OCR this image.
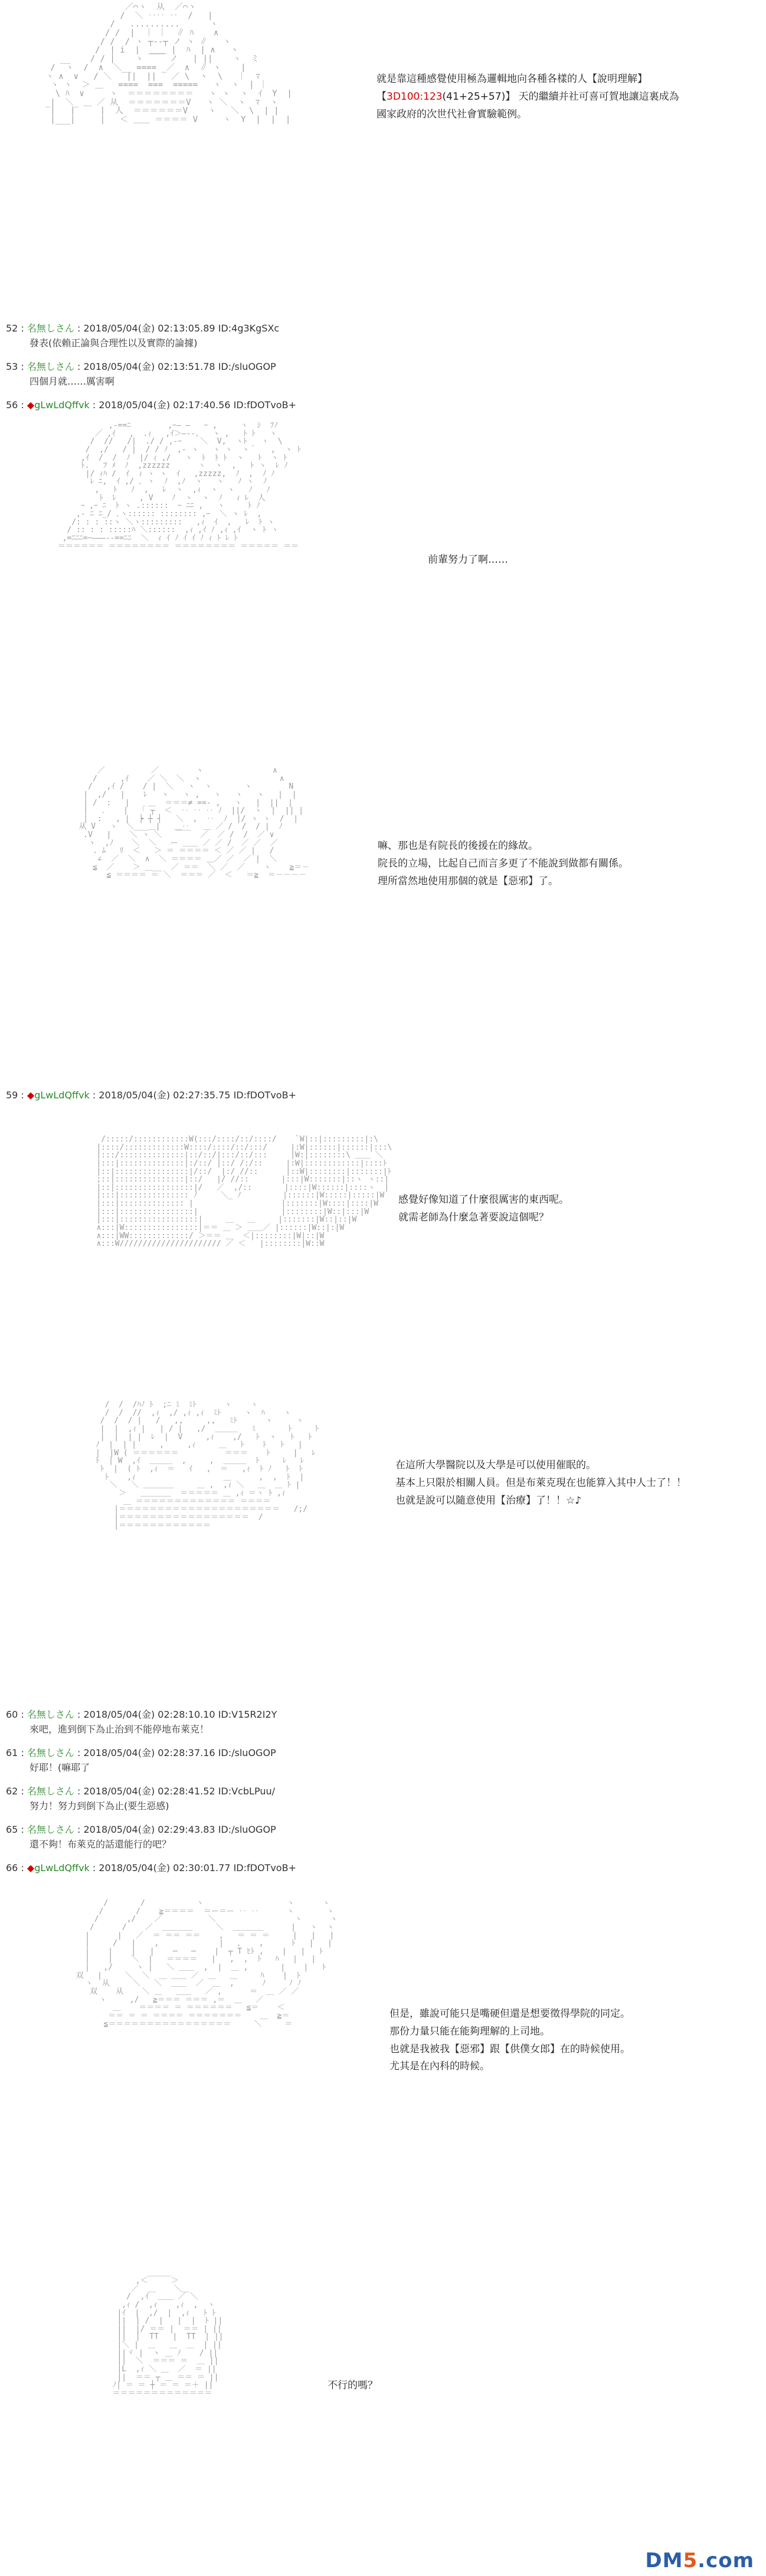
／⌒ヽ  从  ／⌒ヽ
/  ＼ ‥‥ ‥  /   |
/   ..........      ヽ
/ /  |  ｜ ｜  ∥ ﾊ    ∧
/ /  / ヽ ┬--┬ ノ ヽ ∥   ヽ
/  | i  |  ＿＿ |  ﾊ  | ∧   ヽ
__    / / |    ヽ ￣￣ ノ   | ||    ヽ  ミ
/  ヽ  /  ∧  ＼__ ==== _／  ∧  ∥ ヽ    |
ヽ ∧  ∨   / ＼   ||  ||   ／ \  ヽ  \   ｜  ﾏ
ヽ ヽ  ＞ ＿   ====  ===  =====   ヽ  ヽ  | ｜
\ ﾊ  ∨     ヽ  ＝＝＝＝＝＝＝＝   ヽ ヽ  ヽ  ｲ  Y  |
_|  ＼_ ＿ ／ 从  ＝＝＝＝＝＝＝V   ヽ ＼  ヽ  ﾏ  ヽ
|   |     |  人  ＝＝＝＝＝＝V    ヽ   ＼  \  | |
|___|     |   ＜ ＿＿ ＝＝＝＝ V     ヽ  Y  |  |  |

就是靠這種感覺使用極為邏輯地向各種各樣的人【說明理解】
【3D100:123(41+25+57)】 天的繼續并社可喜可賀地讓這裏成為
國家政府的次世代社會實驗範例。
52 : 名無しさん : 2018/05/04(金) 02:13:05.89 ID:4g3KgSXc
發表(依賴正論與合理性以及實際的論據)
53 : 名無しさん : 2018/05/04(金) 02:13:51.78 ID:/sluOGOP
四個月就……厲害啊
56 : ◆gLwLdQffvk : 2018/05/04(金) 02:17:40.56 ID:fDOTvoB+
,-==ﾆ        ,ｰ― ―   ｰ ,     ヽ  ｼ  ﾌﾉ
／ ,ｲ   ,  .ｨ   ,ｲ＞―‐‐、  ヽ ,   ﾄ ﾄ   ヽ
/  //   /|  ./ / ,-ｰ    ＼  V,  ヽﾄ   ヽ  \
/  ,/   / |  / / ﾉ  ,- ヽ   ヽ ヽ  ヽ｀   ,  ヽ ﾄ
,ｲ  /  /  ﾉ  |/ ｨ ,/   ヽ  ﾄ  ﾄ ﾄ  ヽ   ﾄ  ヽ ﾄ
ﾄ.   ﾌ ﾒ  ﾉ  ,zzzzzz      ヽ  ヽ  ,   ﾄ ヽ  ﾚ ﾉ
|/ ｨﾊ /  ｲ  ｨ ヽ ヽ  ｲ   ,zzzzz,  ﾉ  ,  ﾉ ﾉ
ﾚ ﾆ,  ｲ ,/ ､ ヽ  ﾉ  ,ﾉ  ヽ   ヽ   ﾉ ヽ  ﾉ
,   ﾄ   ﾉ  ,   ﾚ  ヽ  ,ｨ  ヽ  ヽ   ﾉ   ﾉ
ﾄ  ﾚ     , V    ﾉ  ヽ  ヽ  ﾉ   ｨ ﾚ  人
ｰ ,ｰ ﾆ  ﾄ ヽ .::::::  ｰ ﾆﾆ ,   ヽ     ﾄ ﾉ
,‐ ﾆ ﾆ_/ ､ヽ:::::: :::::::: ,ｰ  ＼ ヽ ﾚ  ,
/: : : ::ヽ ＼ヽ:::::::::   ,ｨ  ｲ  ,   ﾚ  ﾄ ヽ
/ :: : : :::::ﾊ ＼::::::  ,ｨ ,ｲ ﾉ ,ｨ ,ｲ  ヽ ﾄ ヽ
,=ﾆﾆﾆ=ｰ―――--==ﾆﾆ  ＼  ｨ ｲ ﾉ ｲ ｲ ﾉ ｨ ﾄ ﾚ ﾄ
＝＝＝＝＝＝ ＝＝＝＝＝＝＝＝ ＝＝＝＝＝＝＝＝ ＝＝＝＝＝ ＝＝

前輩努力了啊……
／          ／        ヽ               ∧
/     ,ｲ    ／ ＼  ＼  ヽ                 ∧
/   ,ｲ /    / |  ＼   ヽ  ヽ       ヽ        N
|  ,/   |    ﾚ   ヽ   ヽ ,   ヽ   ヽ   ヽ   |  |
| /  :   |    ＿  ＝＝＝≠ ==- ,   ヽ   |  ||  |
|   ．   |   ｢ ┬  ＜  ‥ ‥ ‥ ﾉ  ||/  ヽ  |  || |
|  :   , |  ┝ ┼ ┤   ＼  ,  ‥  ﾉ  |/ ヽ ヽ  /  |
从 V   ヽ  ＼___＿|   ＿‥   ＿ ／ /  /  / |  ﾉ
.V   |    ＼ ヽ ＼   ￣￣  ／  ／ /  /  ／ ∨
ヽ  ,ﾉ    ＼  ＼   ー ＿＿ ／ ／ /  ／ ／  ／
. ﾑ   ﾘ  ＜   ＞ ＝ ＝＝＝＝ ＜ ／ ／ |   /
∠  ／  ＼  ∧  ＼ ＝＝＝＝ ＿／ ／  ／ |  ＼
≦  ／    ＞ ＿__  ／ ＝＝  ＼ ／  ／    ヽ    ≧＝－
≦ ＝＝＝＝ ＝ ＼  ＝＝＝ ／  ＜   ＝≧  ＝－－－－

嘛、那也是有院長的後援在的緣故。
院長的立場，比起自己而言多更了不能說到做都有關係。
理所當然地使用那個的就是【惡邪】了。
59 : ◆gLwLdQffvk : 2018/05/04(金) 02:27:35.75 ID:fDOTvoB+
/:::::/::::::::::::W(:::/::::/::/::::/    `W|::|:::::::::|:\
|::::/:::::::::::::W::::/::::/::/:::/     |:W|::::::|::::::|:::\
|:::/::::::::::::::|::/::/|:::/::/:::     |W:|::::::::\ ＿＿ ＼
|:::|::::::::::::::|:/::/ |::/ /:/::     |:W|::::::::::::|::::ﾄ
|::|::::::::::::::::|/::/  |:/ //::      |::W|::::::::|:::::::|ﾄ
;::|:::::::::::::::|::/   |/ //::       |:::|W:::::::|::ヽ ヽ::|
|::|:::::::::::::::::|/   ／  ,/::       |::::|W::::::|::::ヽ  |
|:::|::::::::::::::: ﾉ     ＼_ ﾉ         |::::::|W:::::|:::::|W
|:::|:::::::::::::: |                   |:::::::|W::::|::::|W
|:::|::::::::::::::::|                  |::::::::|W::|:::|W
|:::|:::::::::::::::::|     ＿   ＿     |:::::::|W::|::|W
∧:::|W::::::::::::::::|＝＝ ＿ ＞ ＿＿／ |::::::|W::|:|W
∧:::|WW:::::::::::::/ ＞＝＝ ＿  ＜|::::::::|W|::|W
∧:::W////////////////////// ／ ＜   |::::::::|W::W

感覺好像知道了什麼很厲害的東西呢。
就需老師為什麼急著要說這個呢？
/  /  /ﾊﾉ ﾄ  ;ﾆ ﾐ  ﾐﾄ      ヽ    ヽ
/  /  //  ,ｨ  ,/ ,ｨ ,ｨ  ﾐﾄ     ヽ  ﾊ    ヽ
/  /  / |   /   ,,     ,,   ﾐﾄ      ヽ     ヽ
|  |  ,ｨ |   | / |   ,/  ＿＿＿   ﾐ       ﾄ     ﾄ
|  |  | |  ﾚ  |  V     ,ｨ    ,/   ﾄ  ヽ   ﾄ   ﾄ
ﾉ  |  | |     ,     ,ｨ     ＿   ﾄ    ﾄ   ﾄ   |
|  |W ( ＝＝＝＝＝＝          ＝＝＝    ﾄ     |   ﾚ
ﾄ  | W  ,ｲ  ＿＿＿  ,     ,  ＿＿＿  ﾄ     ﾚ   ﾚ
ﾄ  |  ( ﾄ  ,ｨ  ＝   ｲ   ,  ＝   ,ｨ  ﾄ ﾉ   ﾄ  ﾄ
ﾄ    ,ｨ                   ＿      ,  ,  ﾄ  |
＼   ＼ ＿＿＿＿     ＿ ,  ,ｨ ＼   ＿  ＿ ﾄ |
＞   ＿＿＿＿  ＝＝＝＝＝ ＿ ,ｨ ＝ヽ ﾄ ,ｨ
＿ ＝＝＝＝＝＝＝＝＝＝＝＝＝ ＝＝＝＝
|＝＝＝＝＝＝＝＝＝＝＝＝＝＝＝＝＝＝＝＝＝   /;/
|＝＝＝＝＝＝＝＝＝＝＝＝＝＝＝＝＝  /
|＝＝＝＝＝＝＝＝＝＝＝＝

在這所大學醫院以及大學是可以使用催眠的。
基本上只限於相關人員。但是布萊克現在也能算入其中人士了！！
也就是說可以隨意使用【治療】了！！☆♪
60 : 名無しさん : 2018/05/04(金) 02:28:10.10 ID:V15R2I2Y
來吧，進到倒下為止治到不能停地布萊克！
61 : 名無しさん : 2018/05/04(金) 02:28:37.16 ID:/sluOGOP
好耶！(嘛耶了
62 : 名無しさん : 2018/05/04(金) 02:28:41.52 ID:VcbLPuu/
努力！努力到倒下為止(要生惡感)
65 : 名無しさん : 2018/05/04(金) 02:29:43.83 ID:/sluOGOP
還不夠！布萊克的話還能行的吧？
66 : ◆gLwLdQffvk : 2018/05/04(金) 02:30:01.77 ID:fDOTvoB+
/       /           ヽ                  ヽ      ヽ
/       /    ≧＝＝＝＝  ＝ー＝ー ‥ ‥      ヽ       ヽ
/      ,/    ／          ＼                 ヽ      ヽ
/      /    ／  ＿＿＿＿     ＼  ＿＿＿＿      |   ヽ  ヽ
|      |   ／  ＝ ＝＝ ＝＝    ,   ＝ ＝ ＝     |   |   |
|     /   |    ,             |   ，   ,      ﾄ   |   |
|    |    |   |    ─   ─    |  ┬ T ﾋﾄ ,    |   |   ﾄ
|    |    ＼  |   ＝＝＝＝   |   ,  ,  ﾄ   ﾊ   |   |
|   ,/     ヽ |   ＼ ＿＿  ,  |  ＿ ,       |    |   ﾄ
双   |     ＼  ＼  ＿ ＿＿ ／  ＿   ＿     ﾊ    |  ﾄ
ヽ  从     ＼   ＼  ＿＿  ／  ＿  ,      ﾉ     ﾉ ﾉ
双    从    ＼ ＿   ＿＿   ／ ,      ＝  ＿ ／ ／
ヽ     ,/   ≧＝＝＝ ＝＝＝ ,＝  ＿   ／
＿    ＝＝＝＝ ＝ ＝＝＝＝＝＝   ≦＝    ＜
＝＝ ＝ ＝ ＝＝＝＝ ＝＝＝＝＝＝＝    ＿  ≧＝
≦＝＝＝＝＝＝＝＝＝＝＝＝＝＝＝＝     ＼     ＝

但是，雖說可能只是嘴硬但還是想要徵得學院的同定。
那份力量只能在能夠理解的上司地。
也就是我被我【惡邪】跟【供僕女郎】在的時候使用。
尤其是在內科的時候。
,＜￣￣￣＞
／  ＿    ＼＿
/  ,ｲ  ＿＿ ／ ＼
,ｨ /  ,ｨ    ,ｨ  ,  ヽ
|ｲ  |  ,/  |  ,ｨ   ﾄ ﾄ
||  | /  |   |  |  ﾄ ||
||  |/ ＝＝ |  ＝＝ | ||
||  |  TT   |  TT  | ||
|＼ |  ＿   ＿  ＿  | ||
||ヾ |  ヽ ＿ ﾉ    / ||
||  ＼  ＝＝＝ ＝  ＿ ||
|L  ,ｨ ＼ ＿  ／  ＝ ||
||  ＝＝ ┬ ＿ ＝＝ ＝ ||
ﾉ| ＝ ＝ ┼ ＝ ＝ ＝＋ ||
＝＝＝＝＝＝＝＝＝＝＝＝＝

不行的嗎？
DM5.com
